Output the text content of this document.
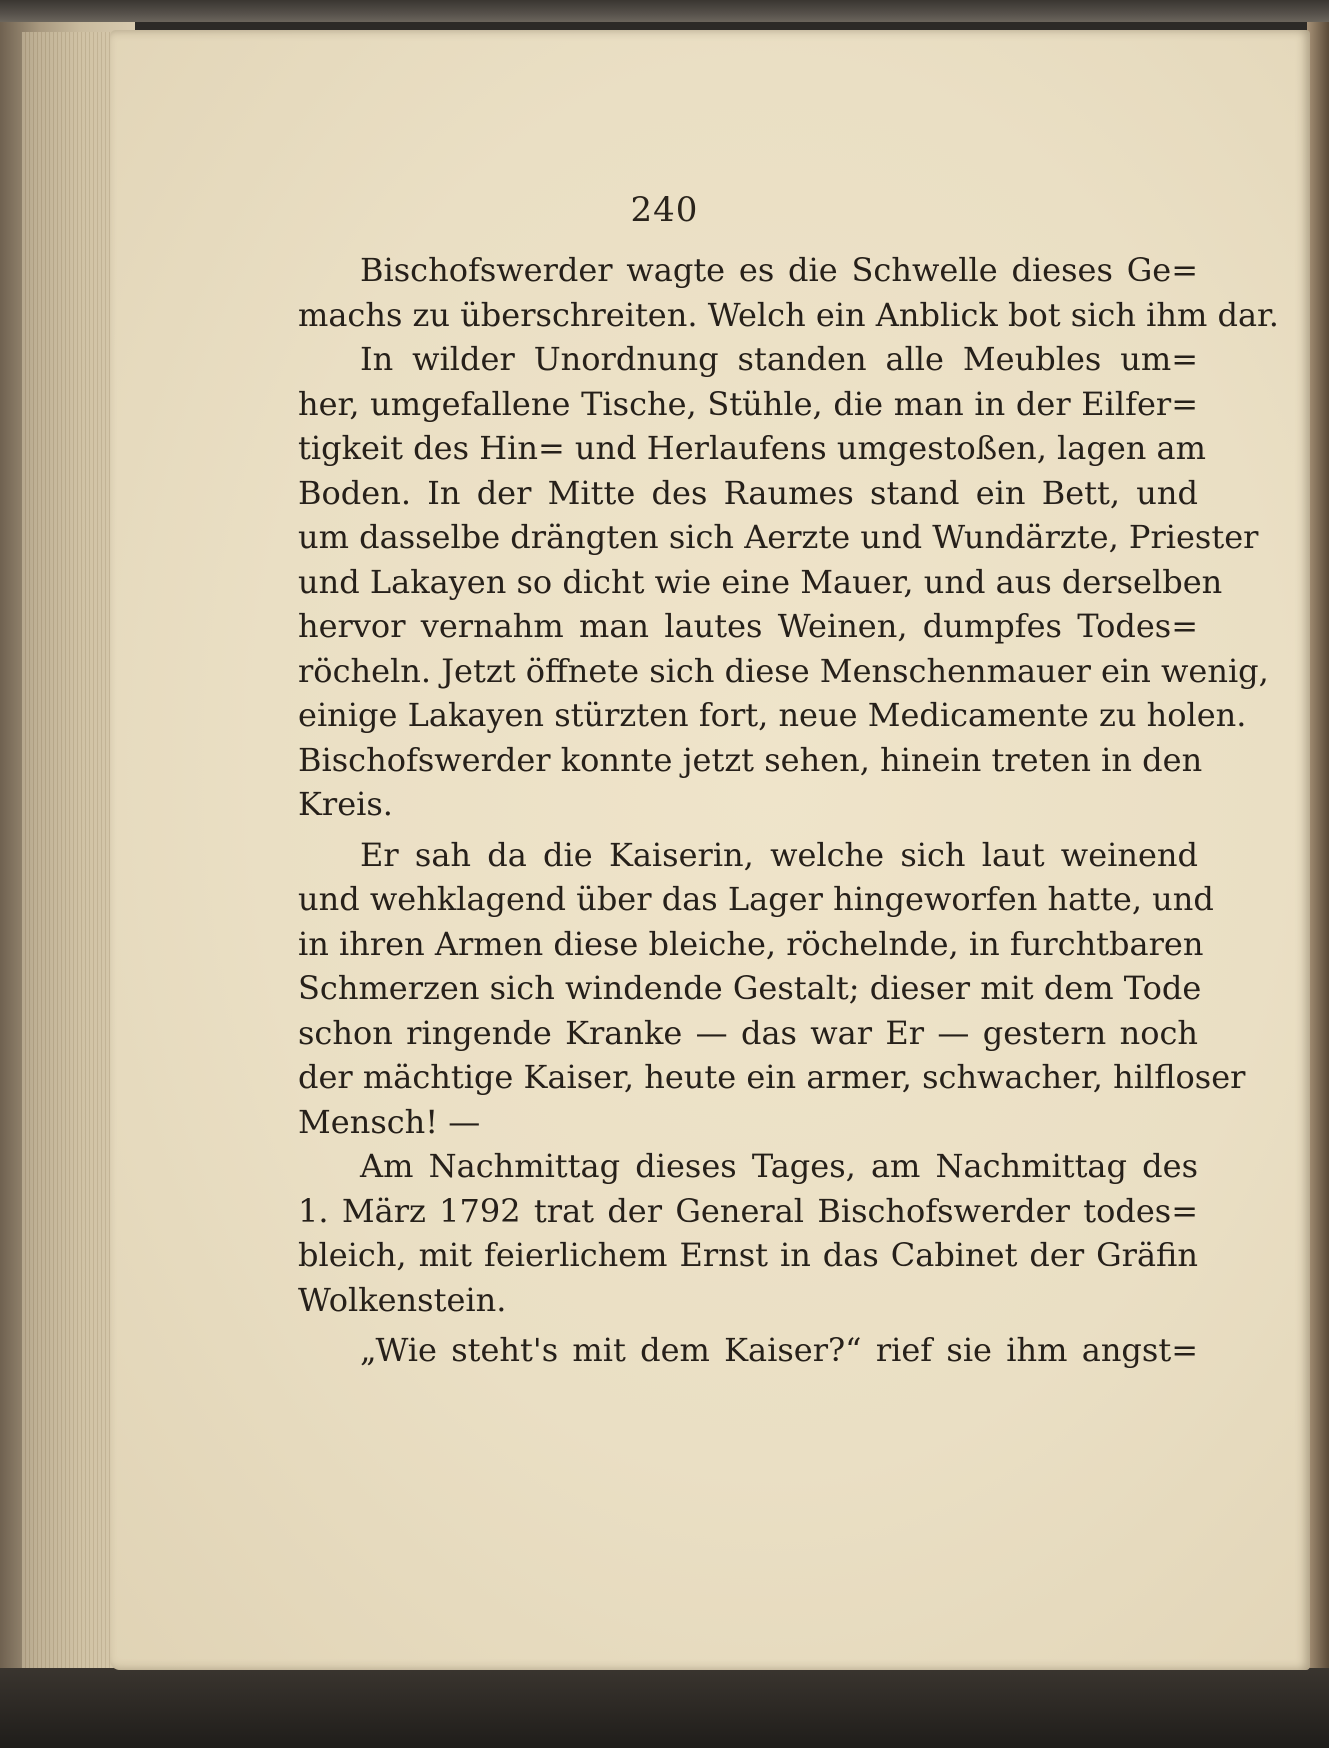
240
Bischofswerder wagte es die Schwelle dieses Ge=
machs zu überschreiten. Welch ein Anblick bot sich ihm dar.
In wilder Unordnung standen alle Meubles um=
her, umgefallene Tische, Stühle, die man in der Eilfer=
tigkeit des Hin= und Herlaufens umgestoßen, lagen am
Boden. In der Mitte des Raumes stand ein Bett, und
um dasselbe drängten sich Aerzte und Wundärzte, Priester
und Lakayen so dicht wie eine Mauer, und aus derselben
hervor vernahm man lautes Weinen, dumpfes Todes=
röcheln. Jetzt öffnete sich diese Menschenmauer ein wenig,
einige Lakayen stürzten fort, neue Medicamente zu holen.
Bischofswerder konnte jetzt sehen, hinein treten in den
Kreis.
Er sah da die Kaiserin, welche sich laut weinend
und wehklagend über das Lager hingeworfen hatte, und
in ihren Armen diese bleiche, röchelnde, in furchtbaren
Schmerzen sich windende Gestalt; dieser mit dem Tode
schon ringende Kranke — das war Er — gestern noch
der mächtige Kaiser, heute ein armer, schwacher, hilfloser
Mensch! —
Am Nachmittag dieses Tages, am Nachmittag des
1. März 1792 trat der General Bischofswerder todes=
bleich, mit feierlichem Ernst in das Cabinet der Gräfin
Wolkenstein.
„Wie steht's mit dem Kaiser?“ rief sie ihm angst=
